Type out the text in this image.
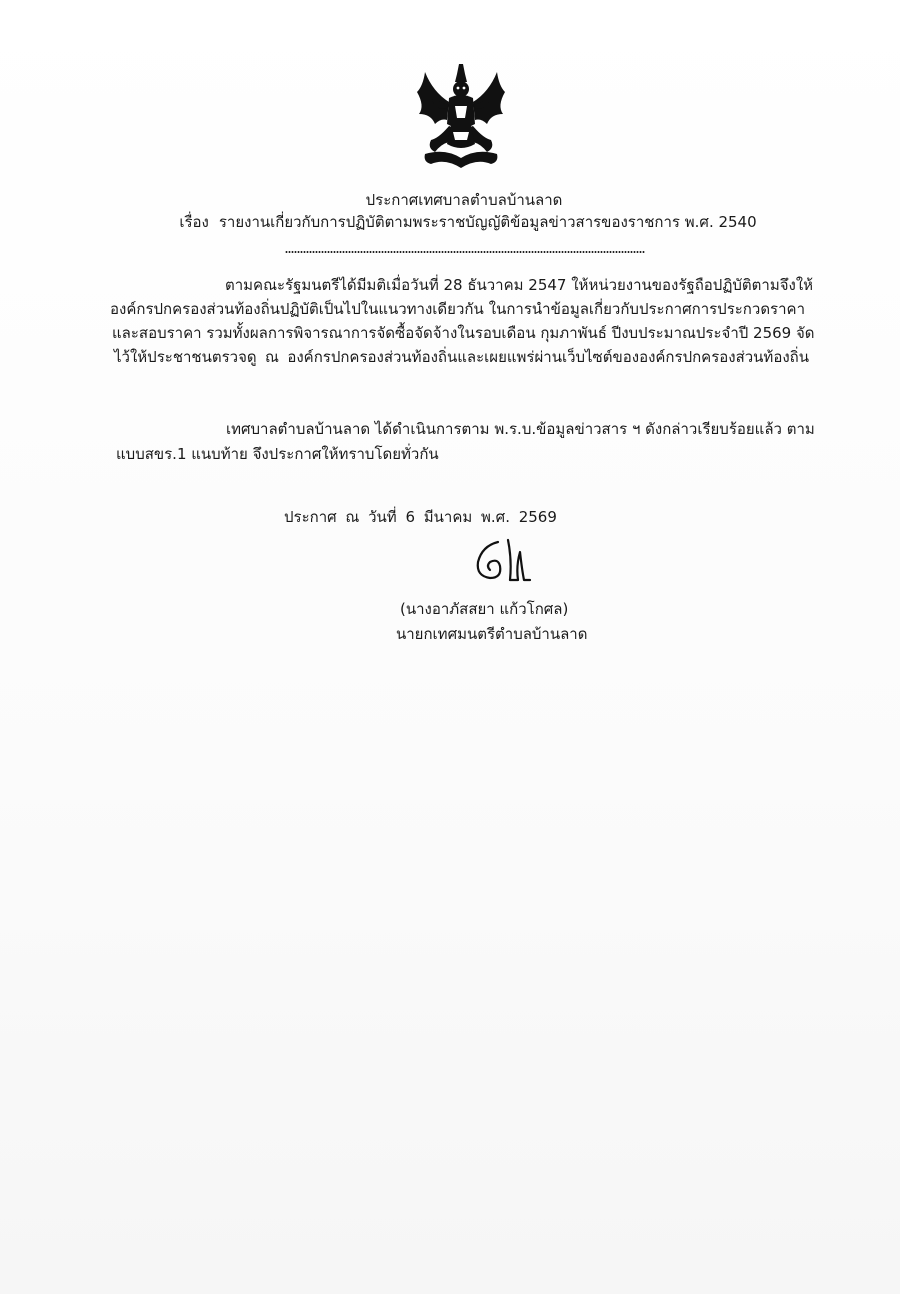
ประกาศเทศบาลตำบลบ้านลาด
เรื่อง รายงานเกี่ยวกับการปฏิบัติตามพระราชบัญญัติข้อมูลข่าวสารของราชการ พ.ศ. 2540
ตามคณะรัฐมนตรีได้มีมติเมื่อวันที่ 28 ธันวาคม 2547 ให้หน่วยงานของรัฐถือปฏิบัติตามจึงให้
องค์กรปกครองส่วนท้องถิ่นปฏิบัติเป็นไปในแนวทางเดียวกัน ในการนำข้อมูลเกี่ยวกับประกาศการประกวดราคา
และสอบราคา รวมทั้งผลการพิจารณาการจัดซื้อจัดจ้างในรอบเดือน กุมภาพันธ์ ปีงบประมาณประจำปี 2569 จัด
ไว้ให้ประชาชนตรวจดู ณ องค์กรปกครองส่วนท้องถิ่นและเผยแพร่ผ่านเว็บไซต์ขององค์กรปกครองส่วนท้องถิ่น
เทศบาลตำบลบ้านลาด ได้ดำเนินการตาม พ.ร.บ.ข้อมูลข่าวสาร ฯ ดังกล่าวเรียบร้อยแล้ว ตาม
แบบสขร.1 แนบท้าย จึงประกาศให้ทราบโดยทั่วกัน
ประกาศ ณ วันที่ 6 มีนาคม พ.ศ. 2569
(นางอาภัสสยา แก้วโกศล)
นายกเทศมนตรีตำบลบ้านลาด
